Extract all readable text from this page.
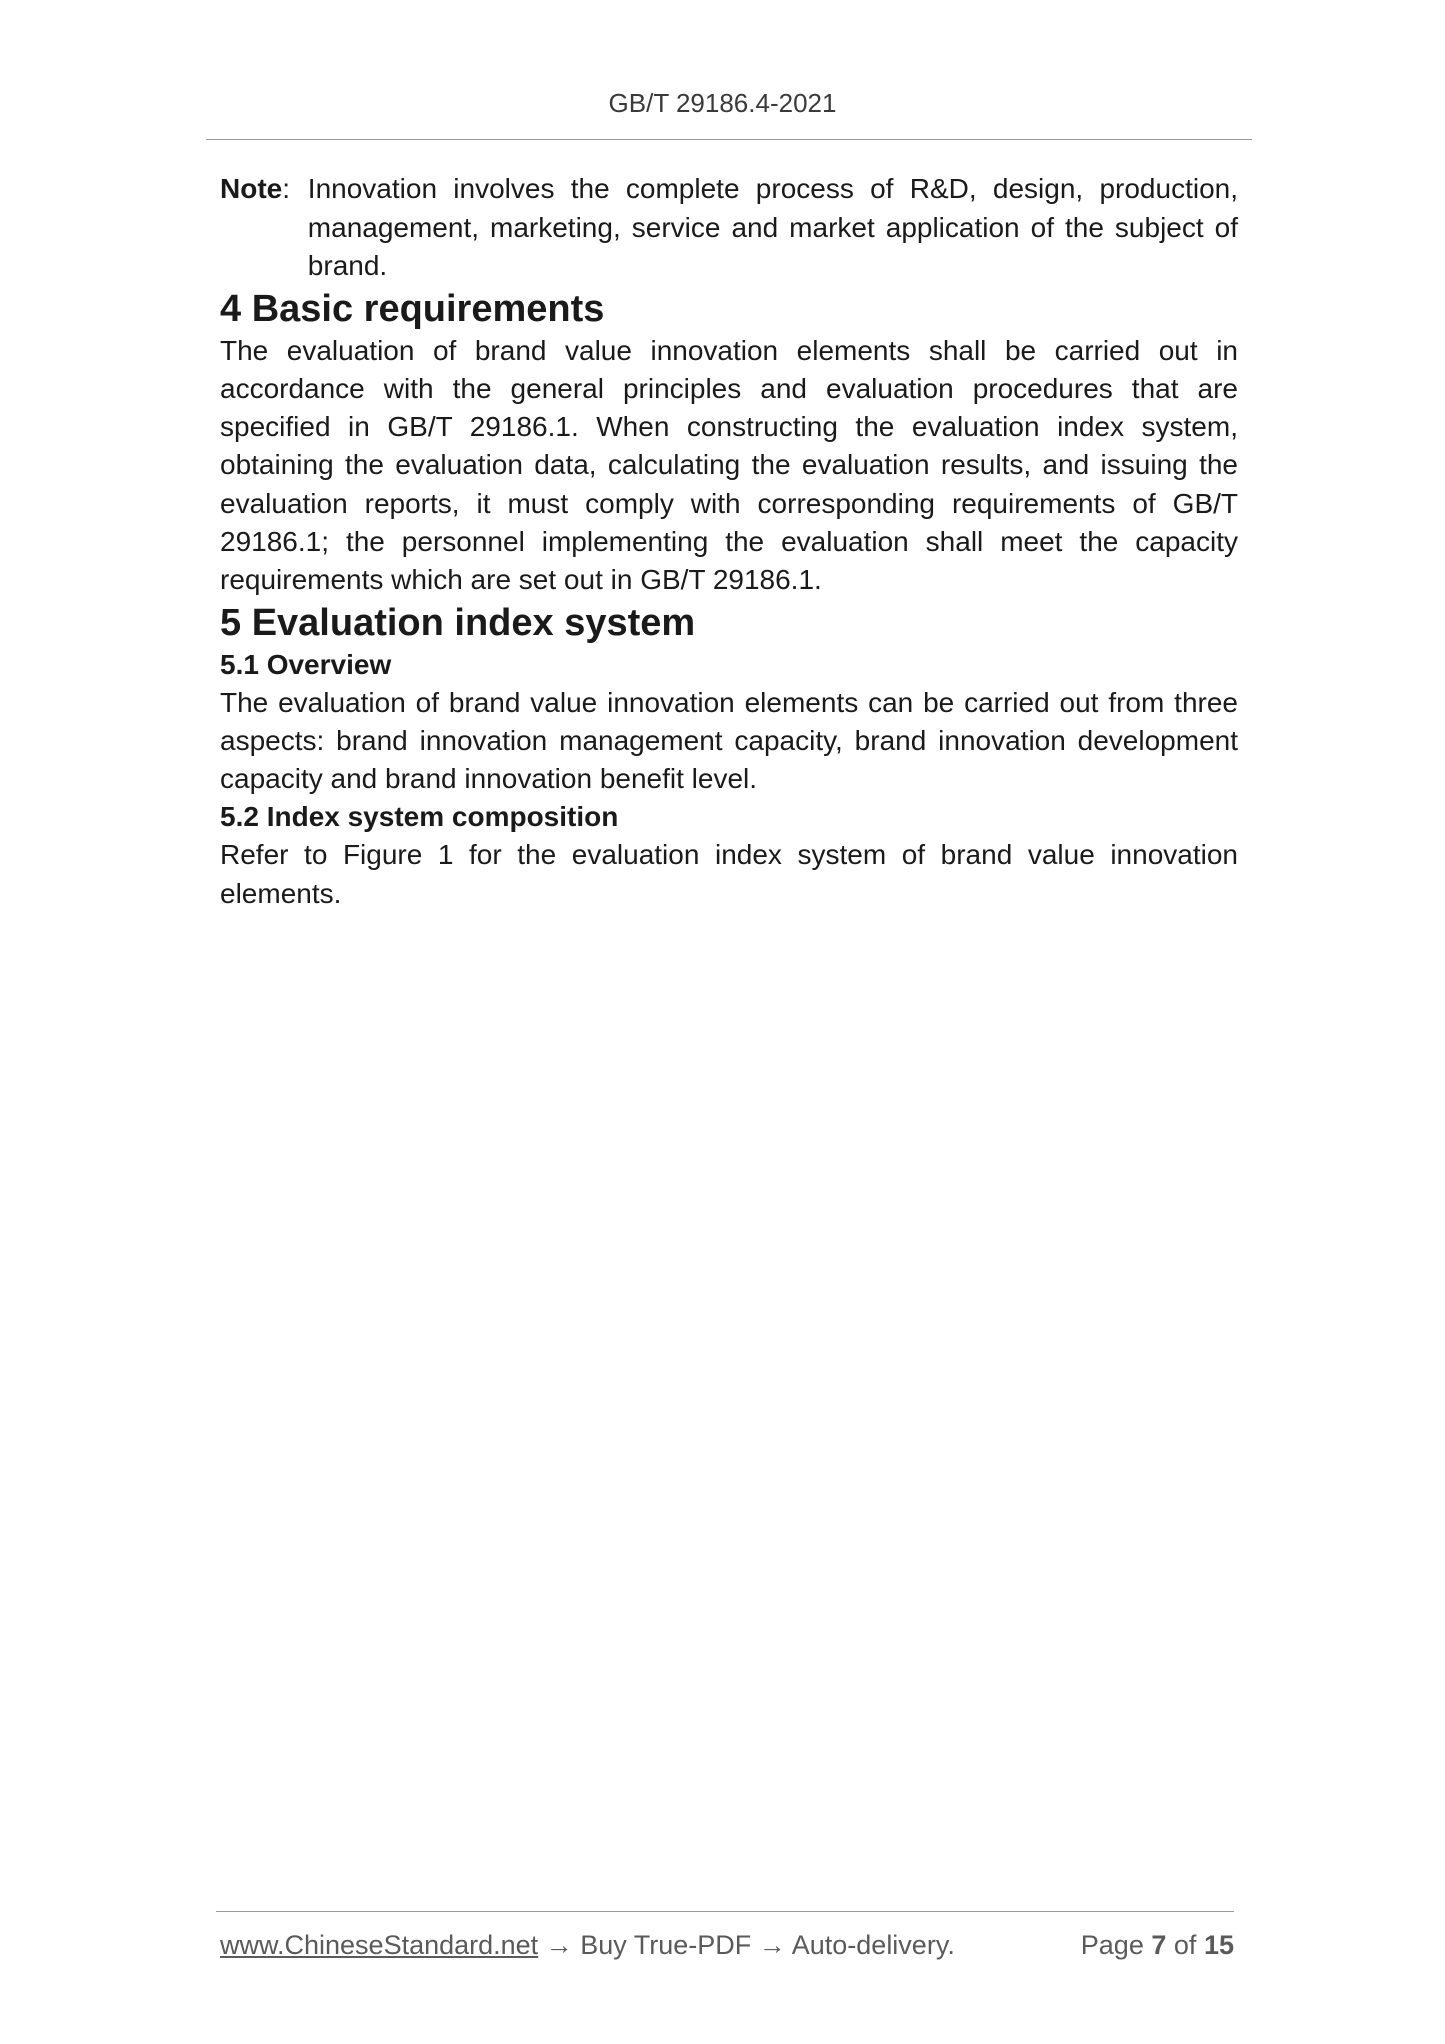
GB/T 29186.4-2021
Note : Innovation involves the complete process of R&D, design, production, management, marketing, service and market application of the subject of brand.
4 Basic requirements

The evaluation of brand value innovation elements shall be carried out in accordance with the general principles and evaluation procedures that are specified in GB/T 29186.1. When constructing the evaluation index system, obtaining the evaluation data, calculating the evaluation results, and issuing the evaluation reports, it must comply with corresponding requirements of GB/T 29186.1; the personnel implementing the evaluation shall meet the capacity requirements which are set out in GB/T 29186.1.

5 Evaluation index system
5.1 Overview

The evaluation of brand value innovation elements can be carried out from three aspects: brand innovation management capacity, brand innovation development capacity and brand innovation benefit level.

5.2 Index system composition

Refer to Figure 1 for the evaluation index system of brand value innovation elements.

www.ChineseStandard.net → Buy True-PDF → Auto-delivery.	Page 7 of 15
